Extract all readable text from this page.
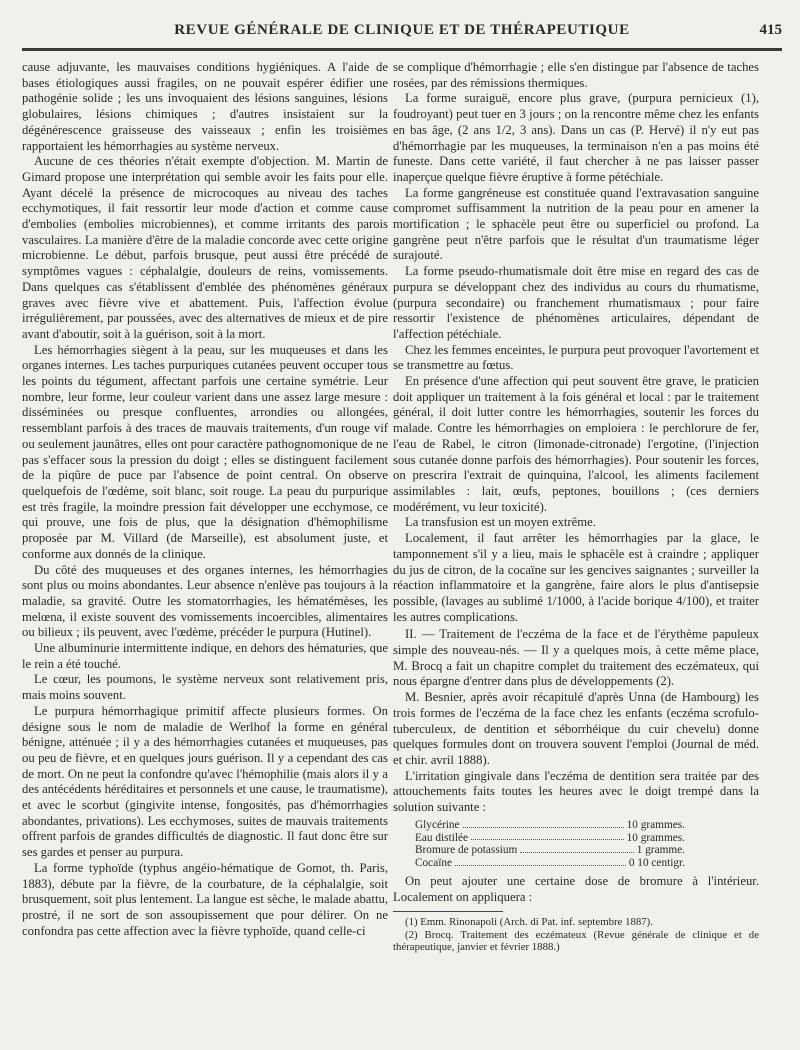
REVUE GÉNÉRALE DE CLINIQUE ET DE THÉRAPEUTIQUE	415

cause adjuvante, les mauvaises conditions hygiéniques. A l'aide de bases étiologiques aussi fragiles, on ne pouvait espérer édifier une pathogénie solide ; les uns invoquaient des lésions sanguines, lésions globulaires, lésions chimiques ; d'autres insistaient sur la dégénérescence graisseuse des vaisseaux ; enfin les troisièmes rapportaient les hémorrhagies au système nerveux.

Aucune de ces théories n'était exempte d'objection. M. Martin de Gimard propose une interprétation qui semble avoir les faits pour elle. Ayant décelé la présence de microcoques au niveau des taches ecchymotiques, il fait ressortir leur mode d'action et comme cause d'embolies (embolies microbiennes), et comme irritants des parois vasculaires. La manière d'être de la maladie concorde avec cette origine microbienne. Le début, parfois brusque, peut aussi être précédé de symptômes vagues : céphalalgie, douleurs de reins, vomissements. Dans quelques cas s'établissent d'emblée des phénomènes généraux graves avec fièvre vive et abattement. Puis, l'affection évolue irrégulièrement, par poussées, avec des alternatives de mieux et de pire avant d'aboutir, soit à la guérison, soit à la mort.

Les hémorrhagies siègent à la peau, sur les muqueuses et dans les organes internes. Les taches purpuriques cutanées peuvent occuper tous les points du tégument, affectant parfois une certaine symétrie. Leur nombre, leur forme, leur couleur varient dans une assez large mesure : disséminées ou presque confluentes, arrondies ou allongées, ressemblant parfois à des traces de mauvais traitements, d'un rouge vif ou seulement jaunâtres, elles ont pour caractère pathognomonique de ne pas s'effacer sous la pression du doigt ; elles se distinguent facilement de la piqûre de puce par l'absence de point central. On observe quelquefois de l'œdème, soit blanc, soit rouge. La peau du purpurique est très fragile, la moindre pression fait développer une ecchymose, ce qui prouve, une fois de plus, que la désignation d'hémophilisme proposée par M. Villard (de Marseille), est absolument juste, et conforme aux donnés de la clinique.

Du côté des muqueuses et des organes internes, les hémorrhagies sont plus ou moins abondantes. Leur absence n'enlève pas toujours à la maladie, sa gravité. Outre les stomatorrhagies, les hématémèses, les melœna, il existe souvent des vomissements incoercibles, alimentaires ou bilieux ; ils peuvent, avec l'œdème, précéder le purpura (Hutinel).

Une albuminurie intermittente indique, en dehors des hématuries, que le rein a été touché.

Le cœur, les poumons, le système nerveux sont relativement pris, mais moins souvent.

Le purpura hémorrhagique primitif affecte plusieurs formes. On désigne sous le nom de maladie de Werlhof la forme en général bénigne, atténuée ; il y a des hémorrhagies cutanées et muqueuses, pas ou peu de fièvre, et en quelques jours guérison. Il y a cependant des cas de mort. On ne peut la confondre qu'avec l'hémophilie (mais alors il y a des antécédents héréditaires et personnels et une cause, le traumatisme), et avec le scorbut (gingivite intense, fongosités, pas d'hémorrhagies abondantes, privations). Les ecchymoses, suites de mauvais traitements offrent parfois de grandes difficultés de diagnostic. Il faut donc être sur ses gardes et penser au purpura.

La forme typhoïde (typhus angéio-hématique de Gomot, th. Paris, 1883), débute par la fièvre, de la courbature, de la céphalalgie, soit brusquement, soit plus lentement. La langue est sèche, le malade abattu, prostré, il ne sort de son assoupissement que pour délirer. On ne confondra pas cette affection avec la fièvre typhoïde, quand celle-ci

se complique d'hémorrhagie ; elle s'en distingue par l'absence de taches rosées, par des rémissions thermiques.

La forme suraiguë, encore plus grave, (purpura pernicieux (1), foudroyant) peut tuer en 3 jours ; on la rencontre même chez les enfants en bas âge, (2 ans 1/2, 3 ans). Dans un cas (P. Hervé) il n'y eut pas d'hémorrhagie par les muqueuses, la terminaison n'en a pas moins été funeste. Dans cette variété, il faut chercher à ne pas laisser passer inaperçue quelque fièvre éruptive à forme pétéchiale.

La forme gangréneuse est constituée quand l'extravasation sanguine compromet suffisamment la nutrition de la peau pour en amener la mortification ; le sphacèle peut être ou superficiel ou profond. La gangrène peut n'être parfois que le résultat d'un traumatisme léger surajouté.

La forme pseudo-rhumatismale doit être mise en regard des cas de purpura se développant chez des individus au cours du rhumatisme, (purpura secondaire) ou franchement rhumatismaux ; pour faire ressortir l'existence de phénomènes articulaires, dépendant de l'affection pétéchiale.

Chez les femmes enceintes, le purpura peut provoquer l'avortement et se transmettre au fœtus.

En présence d'une affection qui peut souvent être grave, le praticien doit appliquer un traitement à la fois général et local : par le traitement général, il doit lutter contre les hémorrhagies, soutenir les forces du malade. Contre les hémorrhagies on emploiera : le perchlorure de fer, l'eau de Rabel, le citron (limonade-citronade) l'ergotine, (l'injection sous cutanée donne parfois des hémorrhagies). Pour soutenir les forces, on prescrira l'extrait de quinquina, l'alcool, les aliments facilement assimilables : lait, œufs, peptones, bouillons ; (ces derniers modérément, vu leur toxicité).

La transfusion est un moyen extrême.

Localement, il faut arrêter les hémorrhagies par la glace, le tamponnement s'il y a lieu, mais le sphacèle est à craindre ; appliquer du jus de citron, de la cocaïne sur les gencives saignantes ; surveiller la réaction inflammatoire et la gangrène, faire alors le plus d'antisepsie possible, (lavages au sublimé 1/1000, à l'acide borique 4/100), et traiter les autres complications.

II. — Traitement de l'eczéma de la face et de l'érythème papuleux simple des nouveau-nés. — Il y a quelques mois, à cette même place, M. Brocq a fait un chapitre complet du traitement des eczémateux, qui nous épargne d'entrer dans plus de développements (2).

M. Besnier, après avoir récapitulé d'après Unna (de Hambourg) les trois formes de l'eczéma de la face chez les enfants (eczéma scrofulo-tuberculeux, de dentition et séborrhéique du cuir chevelu) donne quelques formules dont on trouvera souvent l'emploi (Journal de méd. et chir. avril 1888).

L'irritation gingivale dans l'eczéma de dentition sera traitée par des attouchements faits toutes les heures avec le doigt trempé dans la solution suivante :

Glycérine	10 grammes.
Eau distilée	10 grammes.
Bromure de potassium	1 gramme.
Cocaïne	0 10 centigr.

On peut ajouter une certaine dose de bromure à l'intérieur. Localement on appliquera :

(1) Emm. Rinonapoli (Arch. di Pat. inf. septembre 1887).

(2) Brocq. Traitement des eczémateux (Revue générale de clinique et de thérapeutique, janvier et février 1888.)
